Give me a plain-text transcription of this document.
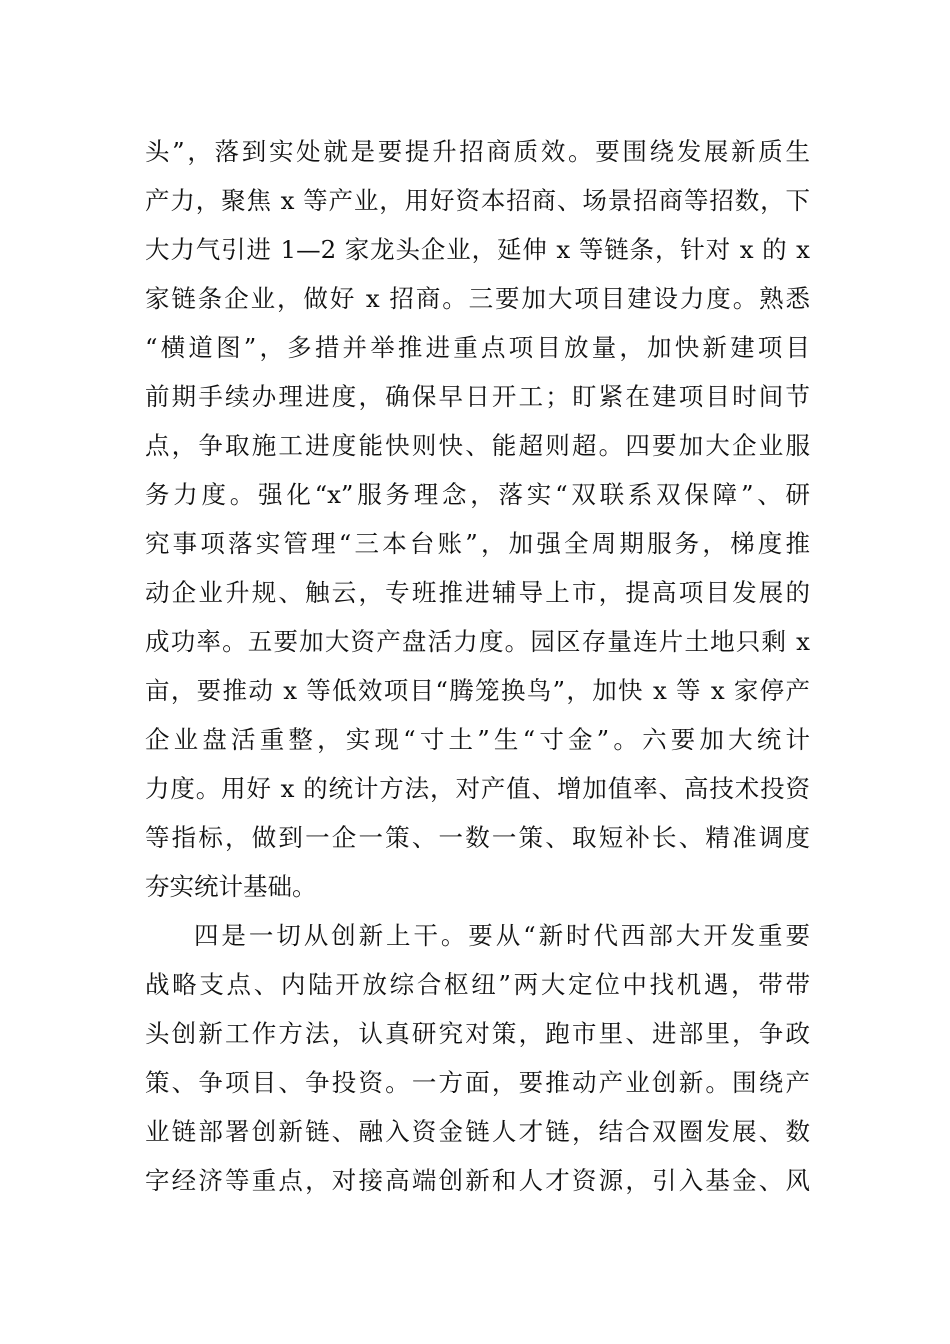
头”，落到实处就是要提升招商质效。要围绕发展新质生
产力，聚焦 x 等产业，用好资本招商、场景招商等招数，下
大力气引进 1—2 家龙头企业，延伸 x 等链条，针对 x 的 x
家链条企业，做好 x 招商。三要加大项目建设力度。熟悉
“横道图”，多措并举推进重点项目放量，加快新建项目
前期手续办理进度，确保早日开工；盯紧在建项目时间节
点，争取施工进度能快则快、能超则超。四要加大企业服
务力度。强化“x”服务理念，落实“双联系双保障”、研
究事项落实管理“三本台账”，加强全周期服务，梯度推
动企业升规、触云，专班推进辅导上市，提高项目发展的
成功率。五要加大资产盘活力度。园区存量连片土地只剩 x
亩，要推动 x 等低效项目“腾笼换鸟”，加快 x 等 x 家停产
企业盘活重整，实现“寸土”生“寸金”。六要加大统计
力度。用好 x 的统计方法，对产值、增加值率、高技术投资
等指标，做到一企一策、一数一策、取短补长、精准调度
夯实统计基础。
四是一切从创新上干。要从“新时代西部大开发重要
战略支点、内陆开放综合枢纽”两大定位中找机遇，带带
头创新工作方法，认真研究对策，跑市里、进部里，争政
策、争项目、争投资。一方面，要推动产业创新。围绕产
业链部署创新链、融入资金链人才链，结合双圈发展、数
字经济等重点，对接高端创新和人才资源，引入基金、风
